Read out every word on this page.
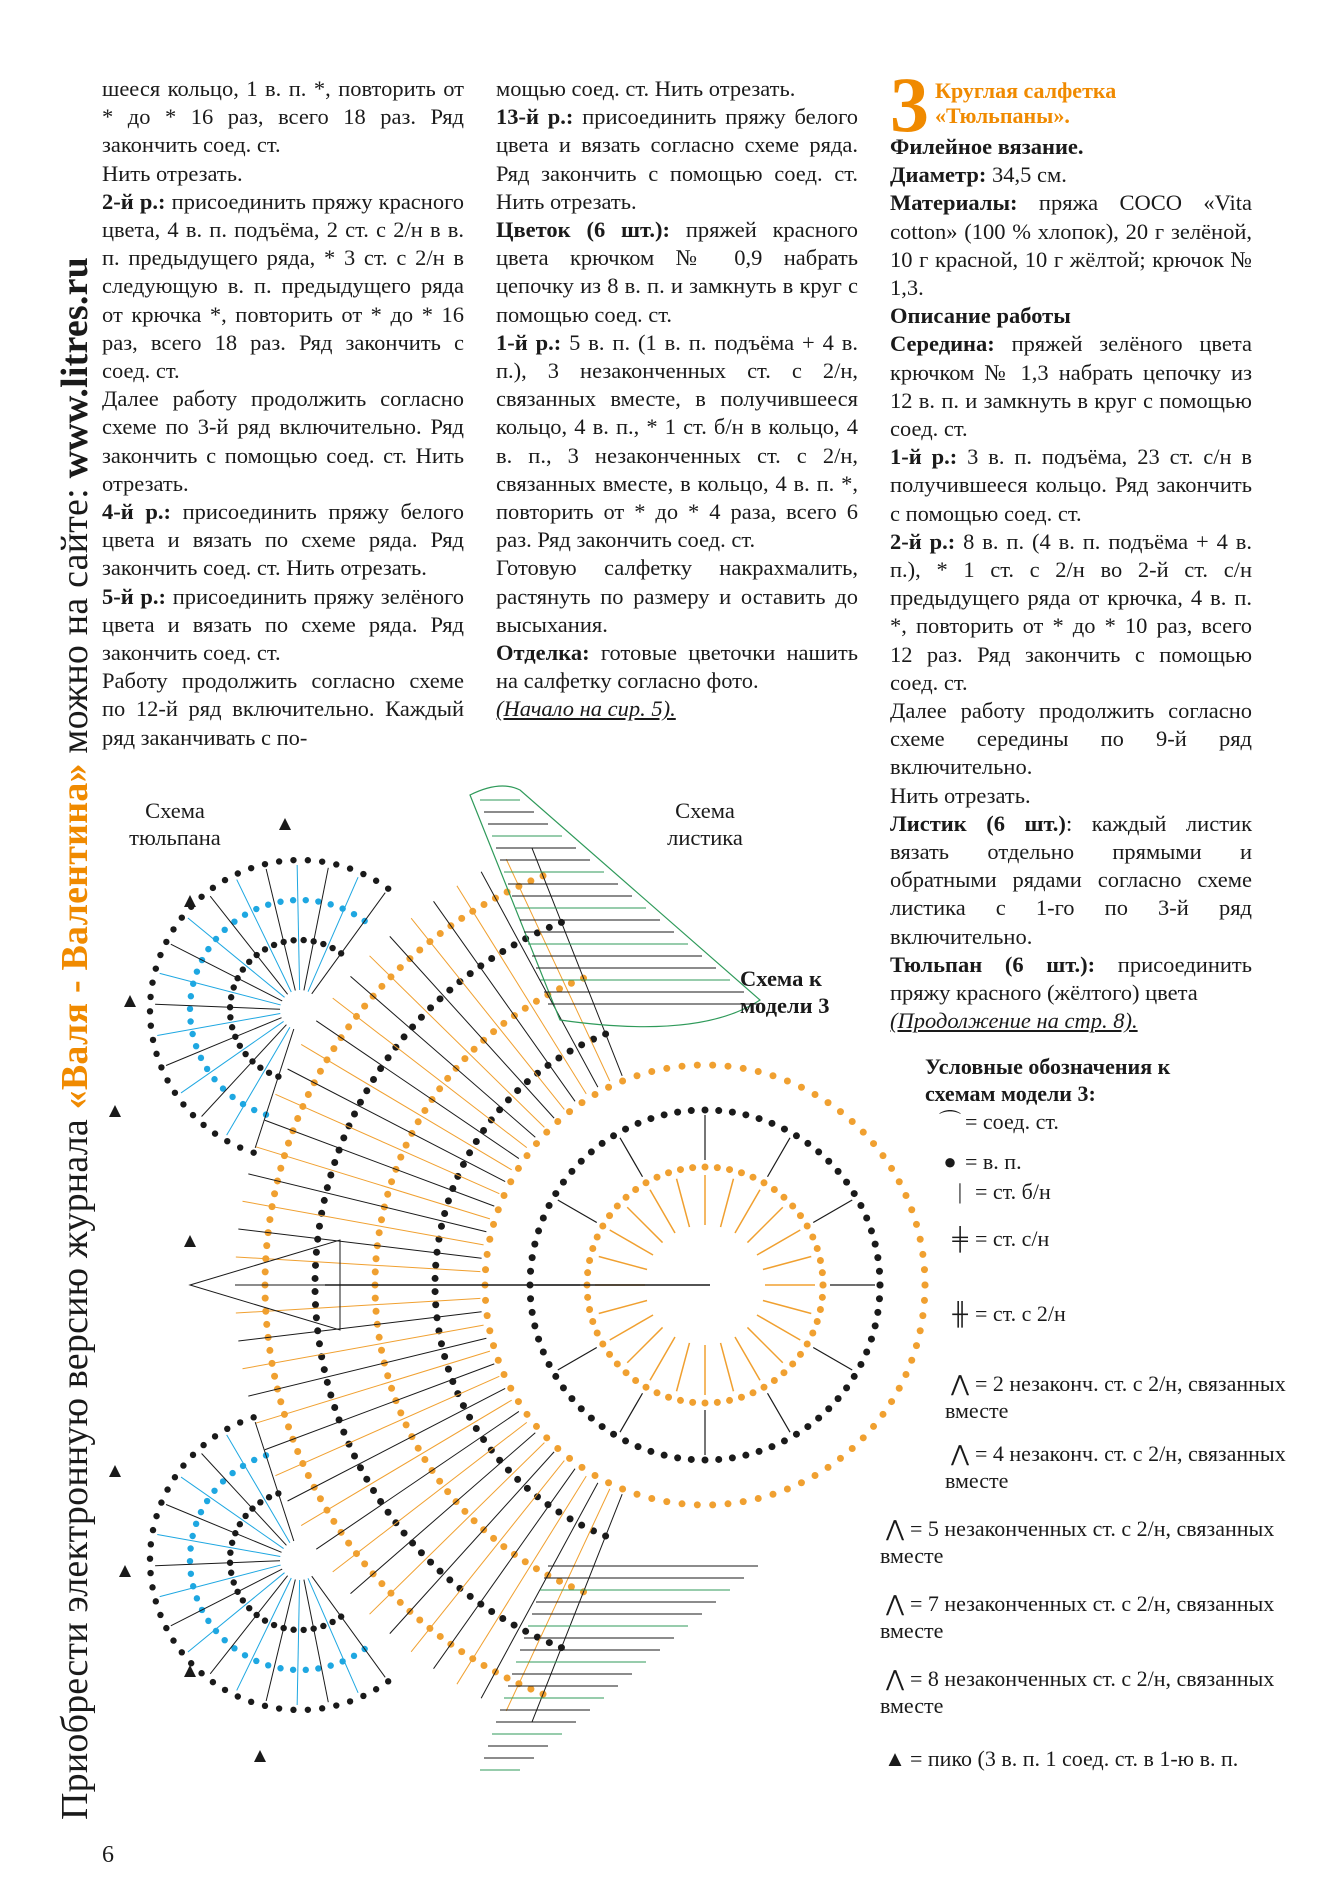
Приобрести электронную версию журнала «Валя - Валентина» можно на сайте: www.litres.ru

шееся кольцо, 1 в. п. *, повторить от * до * 16 раз, всего 18 раз. Ряд закончить соед. ст.

Нить отрезать.

2-й р.: присоединить пряжу красного цвета, 4 в. п. подъёма, 2 ст. с 2/н в в. п. предыдущего ряда, * 3 ст. с 2/н в следующую в. п. предыдущего ряда от крючка *, повторить от * до * 16 раз, всего 18 раз. Ряд закончить с соед. ст.

Далее работу продолжить согласно схеме по 3-й ряд включительно. Ряд закончить с помощью соед. ст. Нить отрезать.

4-й р.: присоединить пряжу белого цвета и вязать по схеме ряда. Ряд закончить соед. ст. Нить отрезать.

5-й р.: присоединить пряжу зелёного цвета и вязать по схеме ряда. Ряд закончить соед. ст.

Работу продолжить согласно схеме по 12-й ряд включительно. Каждый ряд заканчивать с по-

мощью соед. ст. Нить отрезать.

13-й р.: присоединить пряжу белого цвета и вязать согласно схеме ряда. Ряд закончить с помощью соед. ст. Нить отрезать.

Цветок (6 шт.): пряжей красного цвета крючком № 0,9 набрать цепочку из 8 в. п. и замкнуть в круг с помощью соед. ст.

1-й р.: 5 в. п. (1 в. п. подъёма + 4 в. п.), 3 незаконченных ст. с 2/н, связанных вместе, в получившееся кольцо, 4 в. п., * 1 ст. б/н в кольцо, 4 в. п., 3 незаконченных ст. с 2/н, связанных вместе, в кольцо, 4 в. п. *, повторить от * до * 4 раза, всего 6 раз. Ряд закончить соед. ст.

Готовую салфетку накрахмалить, растянуть по размеру и оставить до высыхания.

Отделка: готовые цветочки нашить на салфетку согласно фото.

(Начало на сир. 5).

3 Круглая салфетка «Тюльпаны».

Филейное вязание.

Диаметр: 34,5 см.

Материалы: пряжа COCO «Vita cotton» (100 % хлопок), 20 г зелёной, 10 г красной, 10 г жёлтой; крючок № 1,3.

Описание работы

Середина: пряжей зелёного цвета крючком № 1,3 набрать цепочку из 12 в. п. и замкнуть в круг с помощью соед. ст.

1-й р.: 3 в. п. подъёма, 23 ст. с/н в получившееся кольцо. Ряд закончить с помощью соед. ст.

2-й р.: 8 в. п. (4 в. п. подъёма + 4 в. п.), * 1 ст. с 2/н во 2-й ст. с/н предыдущего ряда от крючка, 4 в. п. *, повторить от * до * 10 раз, всего 12 раз. Ряд закончить с помощью соед. ст.

Далее работу продолжить согласно схеме середины по 9-й ряд включительно.

Нить отрезать.

Листик (6 шт.): каждый листик вязать отдельно прямыми и обратными рядами согласно схеме листика с 1-го по 3-й ряд включительно.

Тюльпан (6 шт.): присоединить пряжу красного (жёлтого) цвета

(Продолжение на стр. 8).

Схема тюльпана
Схема листика
Схема к модели 3
Условные обозначения к схемам модели 3:
⌒ = соед. ст.
● = в. п.
| = ст. б/н
╪ = ст. с/н
╫ = ст. с 2/н
⋀ = 2 незаконч. ст. с 2/н, связанных вместе
⋀ = 4 незаконч. ст. с 2/н, связанных вместе
⋀ = 5 незаконченных ст. с 2/н, связанных вместе
⋀ = 7 незаконченных ст. с 2/н, связанных вместе
⋀ = 8 незаконченных ст. с 2/н, связанных вместе
▲ = пико (3 в. п. 1 соед. ст. в 1-ю в. п.
6
